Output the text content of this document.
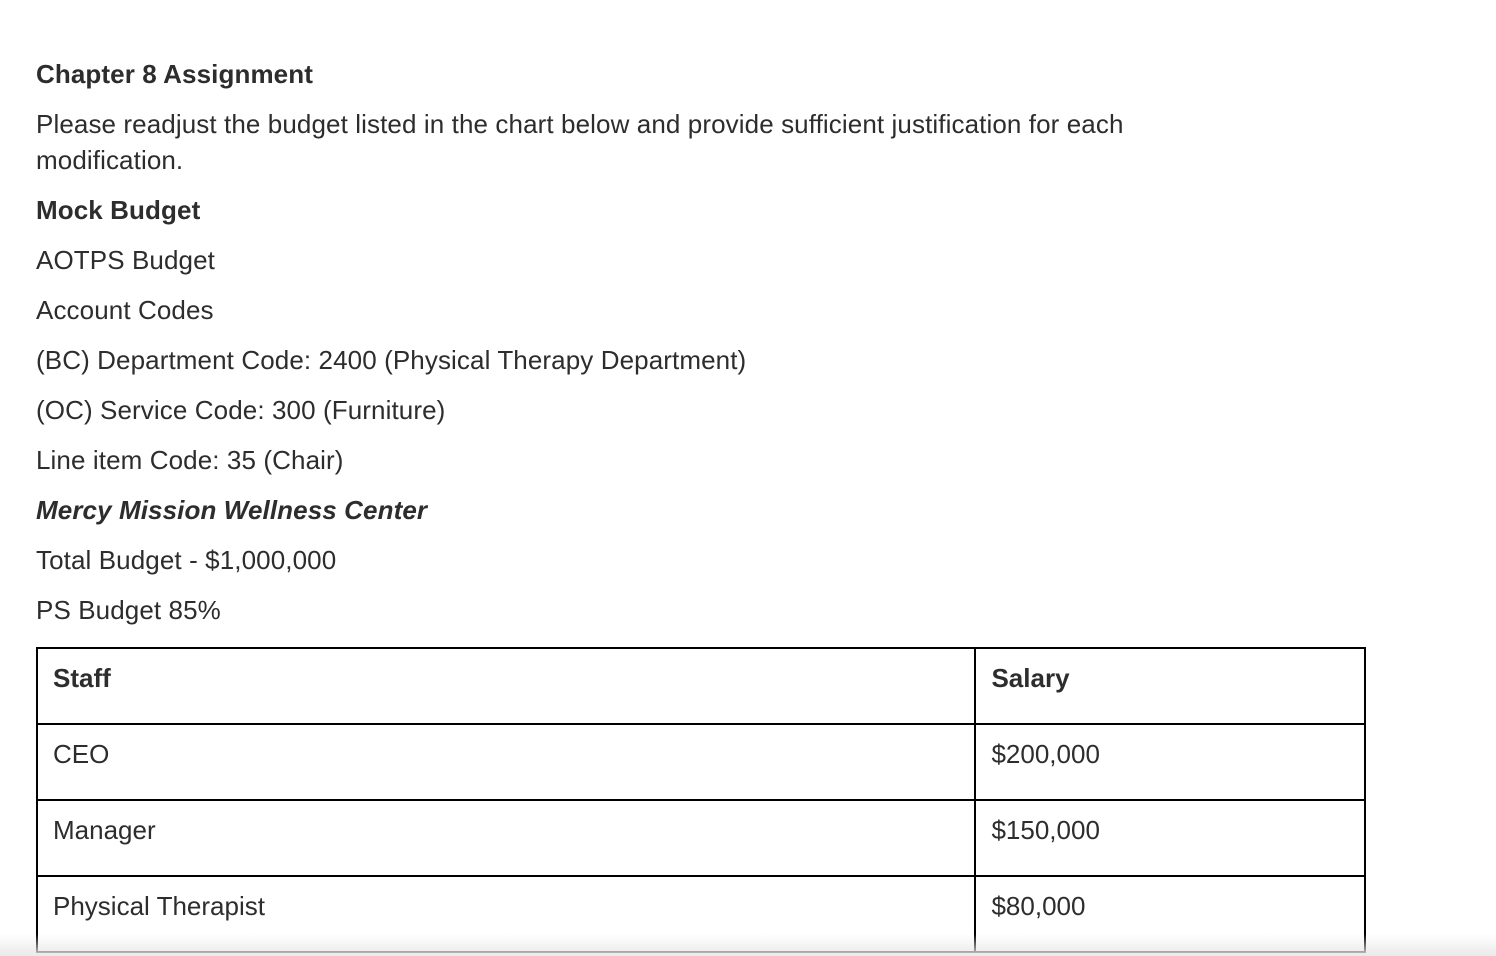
Chapter 8 Assignment
Please readjust the budget listed in the chart below and provide sufficient justification for each modification.
Mock Budget
AOTPS Budget
Account Codes
(BC) Department Code: 2400 (Physical Therapy Department)
(OC) Service Code: 300 (Furniture)
Line item Code: 35 (Chair)
Mercy Mission Wellness Center
Total Budget - $1,000,000
PS Budget 85%
Staff	Salary
CEO	$200,000
Manager	$150,000
Physical Therapist	$80,000
